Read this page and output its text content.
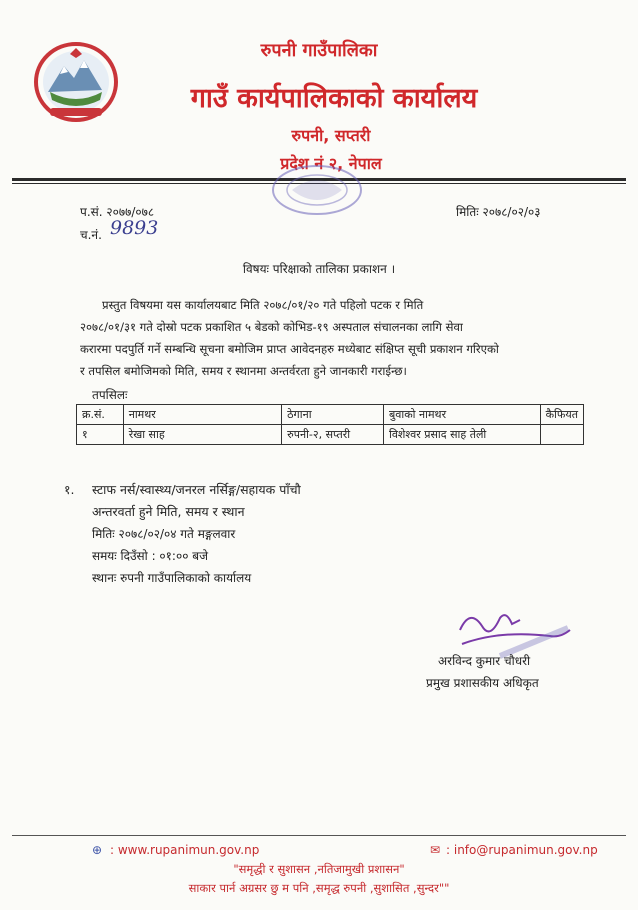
रुपनी गाउँपालिका
गाउँ कार्यपालिकाको कार्यालय
रुपनी, सप्तरी
प्रदेश नं २, नेपाल
प.सं. २०७७/०७८
च.नं. 9893
मितिः २०७८/०२/०३
विषयः परिक्षाको तालिका प्रकाशन ।
प्रस्तुत विषयमा यस कार्यालयबाट मिति २०७८/०१/२० गते पहिलो पटक र मिति
२०७८/०१/३१ गते दोस्रो पटक प्रकाशित ५ बेडको कोभिड-१९ अस्पताल संचालनका लागि सेवा
करारमा पदपुर्ति गर्ने सम्बन्धि सूचना बमोजिम प्राप्त आवेदनहरु मध्येबाट संक्षिप्त सूची प्रकाशन गरिएको
र तपसिल बमोजिमको मिति, समय र स्थानमा अन्तर्वरता हुने जानकारी गराईन्छ।
तपसिलः
क्र.सं.	नामथर	ठेगाना	बुवाको नामथर	कैफियत
१	रेखा साह	रुपनी-२, सप्तरी	विशेश्वर प्रसाद साह तेली	
१. स्टाफ नर्स/स्वास्थ्य/जनरल नर्सिङ्ग/सहायक पाँचौ
अन्तरवर्ता हुने मिति, समय र स्थान
मितिः २०७८/०२/०४ गते मङ्गलवार
समयः दिउँसो : ०१:०० बजे
स्थानः रुपनी गाउँपालिकाको कार्यालय
अरविन्द कुमार चौधरी
प्रमुख प्रशासकीय अधिकृत
⊕ : www.rupanimun.gov.np	✉ : info@rupanimun.gov.np
"समृद्धी र सुशासन ,नतिजामुखी प्रशासन"
साकार पार्न अग्रसर छु म पनि ,समृद्ध रुपनी ,सुशासित ,सुन्दर""
